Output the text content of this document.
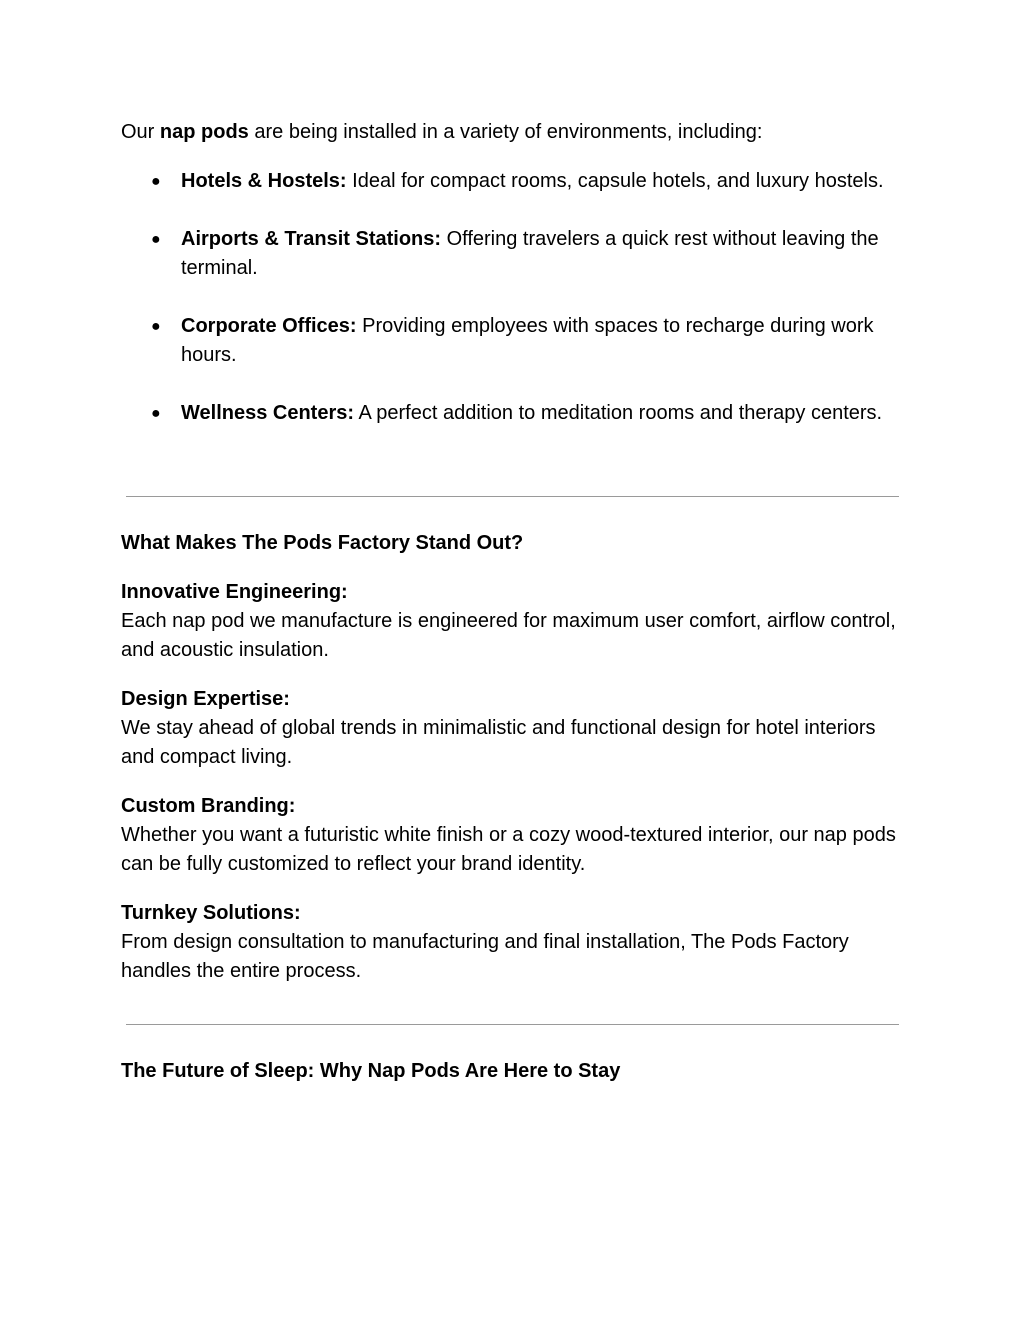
Our nap pods are being installed in a variety of environments, including:

● Hotels & Hostels: Ideal for compact rooms, capsule hotels, and luxury hostels.
● Airports & Transit Stations: Offering travelers a quick rest without leaving the terminal.
● Corporate Offices: Providing employees with spaces to recharge during work hours.
● Wellness Centers: A perfect addition to meditation rooms and therapy centers.

What Makes The Pods Factory Stand Out?

Innovative Engineering:
Each nap pod we manufacture is engineered for maximum user comfort, airflow control, and acoustic insulation.
Design Expertise:
We stay ahead of global trends in minimalistic and functional design for hotel interiors and compact living.
Custom Branding:
Whether you want a futuristic white finish or a cozy wood-textured interior, our nap pods can be fully customized to reflect your brand identity.
Turnkey Solutions:
From design consultation to manufacturing and final installation, The Pods Factory handles the entire process.

The Future of Sleep: Why Nap Pods Are Here to Stay
